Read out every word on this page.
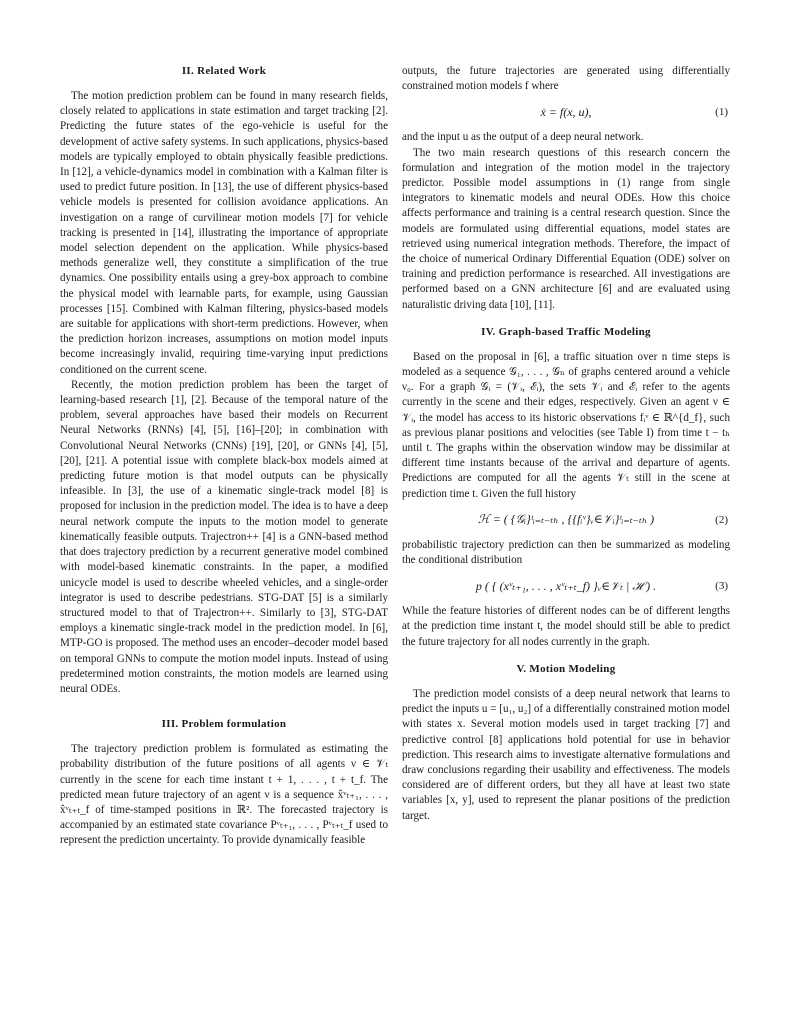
II. Related Work

The motion prediction problem can be found in many research fields, closely related to applications in state estimation and target tracking [2]. Predicting the future states of the ego-vehicle is useful for the development of active safety systems. In such applications, physics-based models are typically employed to obtain physically feasible predictions. In [12], a vehicle-dynamics model in combination with a Kalman filter is used to predict future position. In [13], the use of different physics-based vehicle models is presented for collision avoidance applications. An investigation on a range of curvilinear motion models [7] for vehicle tracking is presented in [14], illustrating the importance of appropriate model selection dependent on the application. While physics-based methods generalize well, they constitute a simplification of the true dynamics. One possibility entails using a grey-box approach to combine the physical model with learnable parts, for example, using Gaussian processes [15]. Combined with Kalman filtering, physics-based models are suitable for applications with short-term predictions. However, when the prediction horizon increases, assumptions on motion model inputs become increasingly invalid, requiring time-varying input predictions conditioned on the current scene.

Recently, the motion prediction problem has been the target of learning-based research [1], [2]. Because of the temporal nature of the problem, several approaches have based their models on Recurrent Neural Networks (RNNs) [4], [5], [16]–[20]; in combination with Convolutional Neural Networks (CNNs) [19], [20], or GNNs [4], [5], [20], [21]. A potential issue with complete black-box models aimed at predicting future motion is that model outputs can be physically infeasible. In [3], the use of a kinematic single-track model [8] is proposed for inclusion in the prediction model. The idea is to have a deep neural network compute the inputs to the motion model to generate kinematically feasible outputs. Trajectron++ [4] is a GNN-based method that does trajectory prediction by a recurrent generative model combined with model-based kinematic constraints. In the paper, a modified unicycle model is used to describe wheeled vehicles, and a single-order integrator is used to describe pedestrians. STG-DAT [5] is a similarly structured model to that of Trajectron++. Similarly to [3], STG-DAT employs a kinematic single-track model in the prediction model. In [6], MTP-GO is proposed. The method uses an encoder–decoder model based on temporal GNNs to compute the motion model inputs. Instead of using predetermined motion constraints, the motion models are learned using neural ODEs.

III. Problem formulation

The trajectory prediction problem is formulated as estimating the probability distribution of the future positions of all agents ν ∈ 𝒱ₜ currently in the scene for each time instant t + 1, . . . , t + t_f. The predicted mean future trajectory of an agent ν is a sequence x̂ᵛₜ₊₁, . . . , x̂ᵛₜ₊ₜ_f of time-stamped positions in ℝ². The forecasted trajectory is accompanied by an estimated state covariance Pᵛₜ₊₁, . . . , Pᵛₜ₊ₜ_f used to represent the prediction uncertainty. To provide dynamically feasible

outputs, the future trajectories are generated using differentially constrained motion models f where

ẋ = f(x, u),	(1)

and the input u as the output of a deep neural network.

The two main research questions of this research concern the formulation and integration of the motion model in the trajectory predictor. Possible model assumptions in (1) range from single integrators to kinematic models and neural ODEs. How this choice affects performance and training is a central research question. Since the models are formulated using differential equations, model states are retrieved using numerical integration methods. Therefore, the impact of the choice of numerical Ordinary Differential Equation (ODE) solver on training and prediction performance is researched. All investigations are performed based on a GNN architecture [6] and are evaluated using naturalistic driving data [10], [11].

IV. Graph-based Traffic Modeling

Based on the proposal in [6], a traffic situation over n time steps is modeled as a sequence 𝒢₁, . . . , 𝒢ₙ of graphs centered around a vehicle ν₀. For a graph 𝒢ᵢ = (𝒱ᵢ, ℰᵢ), the sets 𝒱ᵢ and ℰᵢ refer to the agents currently in the scene and their edges, respectively. Given an agent ν ∈ 𝒱ᵢ, the model has access to its historic observations fᵢᵛ ∈ ℝ^{d_f}, such as previous planar positions and velocities (see Table I) from time t − tₕ until t. The graphs within the observation window may be dissimilar at different time instants because of the arrival and departure of agents. Predictions are computed for all the agents 𝒱ₜ still in the scene at prediction time t. Given the full history

ℋ = ( {𝒢ᵢ}ᵗᵢ₌ₜ₋ₜₕ , {{fᵢᵛ}ᵥ∈𝒱ᵢ}ᵗᵢ₌ₜ₋ₜₕ )	(2)

probabilistic trajectory prediction can then be summarized as modeling the conditional distribution

p ( { (xᵛₜ₊₁, . . . , xᵛₜ₊ₜ_f) }ᵥ∈𝒱ₜ | ℋ ) .	(3)

While the feature histories of different nodes can be of different lengths at the prediction time instant t, the model should still be able to predict the future trajectory for all nodes currently in the graph.

V. Motion Modeling

The prediction model consists of a deep neural network that learns to predict the inputs u = [u₁, u₂] of a differentially constrained motion model with states x. Several motion models used in target tracking [7] and predictive control [8] applications hold potential for use in behavior prediction. This research aims to investigate alternative formulations and draw conclusions regarding their usability and effectiveness. The models considered are of different orders, but they all have at least two state variables [x, y], used to represent the planar positions of the prediction target.
